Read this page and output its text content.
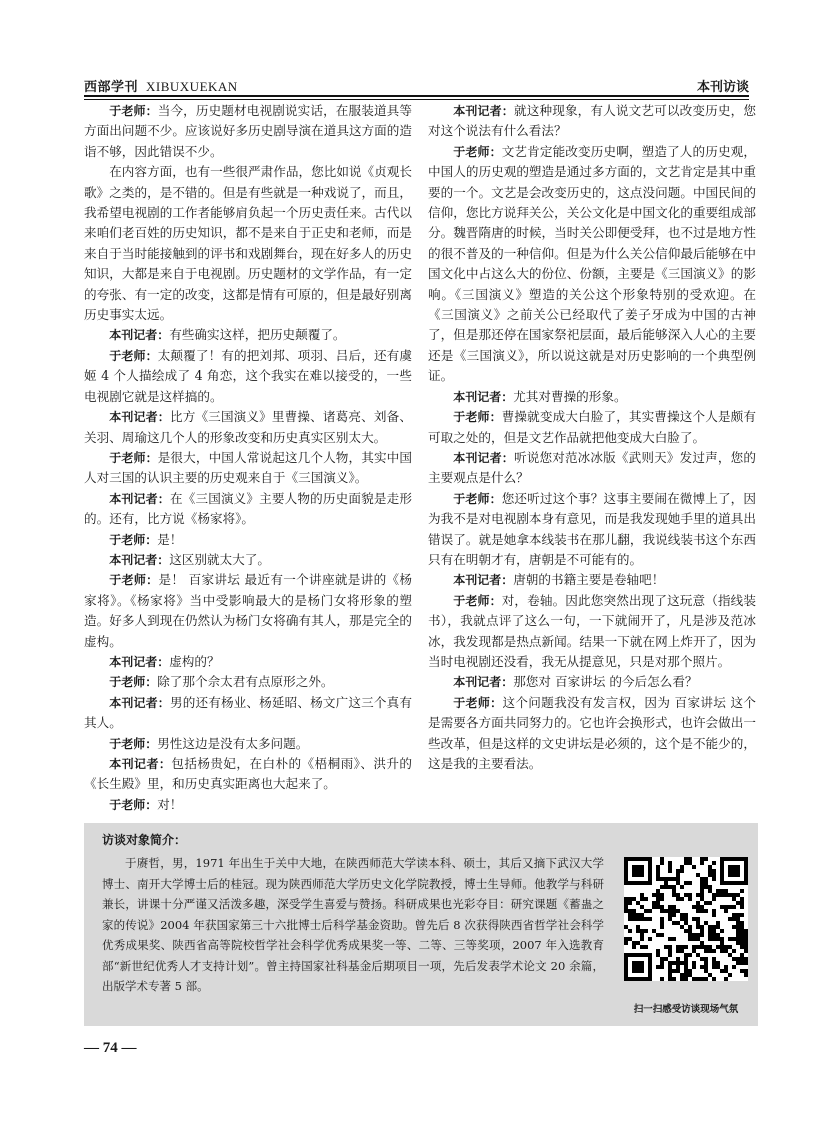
西部学刊 XIBUXUEKAN	本刊访谈

于老师：当今，历史题材电视剧说实话，在服装道具等方面出问题不少。应该说好多历史剧导演在道具这方面的造诣不够，因此错误不少。

在内容方面，也有一些很严肃作品，您比如说《贞观长歌》之类的，是不错的。但是有些就是一种戏说了，而且，我希望电视剧的工作者能够肩负起一个历史责任来。古代以来咱们老百姓的历史知识，都不是来自于正史和老师，而是来自于当时能接触到的评书和戏剧舞台，现在好多人的历史知识，大都是来自于电视剧。历史题材的文学作品，有一定的夸张、有一定的改变，这都是情有可原的，但是最好别离历史事实太远。

本刊记者：有些确实这样，把历史颠覆了。

于老师：太颠覆了！有的把刘邦、项羽、吕后，还有虞姬 4 个人描绘成了 4 角恋，这个我实在难以接受的，一些电视剧它就是这样搞的。

本刊记者：比方《三国演义》里曹操、诸葛亮、刘备、关羽、周瑜这几个人的形象改变和历史真实区别太大。

于老师：是很大，中国人常说起这几个人物，其实中国人对三国的认识主要的历史观来自于《三国演义》。

本刊记者：在《三国演义》主要人物的历史面貌是走形的。还有，比方说《杨家将》。

于老师：是！

本刊记者：这区别就太大了。

于老师：是！ 百家讲坛 最近有一个讲座就是讲的《杨家将》。《杨家将》当中受影响最大的是杨门女将形象的塑造。好多人到现在仍然认为杨门女将确有其人，那是完全的虚构。

本刊记者：虚构的？

于老师：除了那个佘太君有点原形之外。

本刊记者：男的还有杨业、杨延昭、杨文广这三个真有其人。

于老师：男性这边是没有太多问题。

本刊记者：包括杨贵妃，在白朴的《梧桐雨》、洪升的《长生殿》里，和历史真实距离也大起来了。

于老师：对！

本刊记者：就这种现象，有人说文艺可以改变历史，您对这个说法有什么看法？

于老师：文艺肯定能改变历史啊，塑造了人的历史观，中国人的历史观的塑造是通过多方面的，文艺肯定是其中重要的一个。文艺是会改变历史的，这点没问题。中国民间的信仰，您比方说拜关公，关公文化是中国文化的重要组成部分。魏晋隋唐的时候，当时关公即便受拜，也不过是地方性的很不普及的一种信仰。但是为什么关公信仰最后能够在中国文化中占这么大的份位、份额，主要是《三国演义》的影响。《三国演义》塑造的关公这个形象特别的受欢迎。在《三国演义》之前关公已经取代了姜子牙成为中国的古神了，但是那还停在国家祭祀层面，最后能够深入人心的主要还是《三国演义》，所以说这就是对历史影响的一个典型例证。

本刊记者：尤其对曹操的形象。

于老师：曹操就变成大白脸了，其实曹操这个人是颇有可取之处的，但是文艺作品就把他变成大白脸了。

本刊记者：听说您对范冰冰版《武则天》发过声，您的主要观点是什么？

于老师：您还听过这个事？这事主要闹在微博上了，因为我不是对电视剧本身有意见，而是我发现她手里的道具出错误了。就是她拿本线装书在那儿翻，我说线装书这个东西只有在明朝才有，唐朝是不可能有的。

本刊记者：唐朝的书籍主要是卷轴吧！

于老师：对，卷轴。因此您突然出现了这玩意（指线装书），我就点评了这么一句，一下就闹开了，凡是涉及范冰冰，我发现都是热点新闻。结果一下就在网上炸开了，因为当时电视剧还没看，我无从提意见，只是对那个照片。

本刊记者：那您对 百家讲坛 的今后怎么看？

于老师：这个问题我没有发言权，因为 百家讲坛 这个是需要各方面共同努力的。它也许会换形式，也许会做出一些改革，但是这样的文史讲坛是必须的，这个是不能少的，这是我的主要看法。

访谈对象简介：

于赓哲，男，1971 年出生于关中大地，在陕西师范大学读本科、硕士，其后又摘下武汉大学博士、南开大学博士后的桂冠。现为陕西师范大学历史文化学院教授，博士生导师。他教学与科研兼长，讲课十分严谨又活泼多趣，深受学生喜爱与赞扬。科研成果也光彩夺目：研究课题《蓄蛊之家的传说》2004 年获国家第三十六批博士后科学基金资助。曾先后 8 次获得陕西省哲学社会科学优秀成果奖、陕西省高等院校哲学社会科学优秀成果奖一等、二等、三等奖项，2007 年入选教育部“新世纪优秀人才支持计划”。曾主持国家社科基金后期项目一项，先后发表学术论文 20 余篇，出版学术专著 5 部。

扫一扫感受访谈现场气氛
— 74 —
